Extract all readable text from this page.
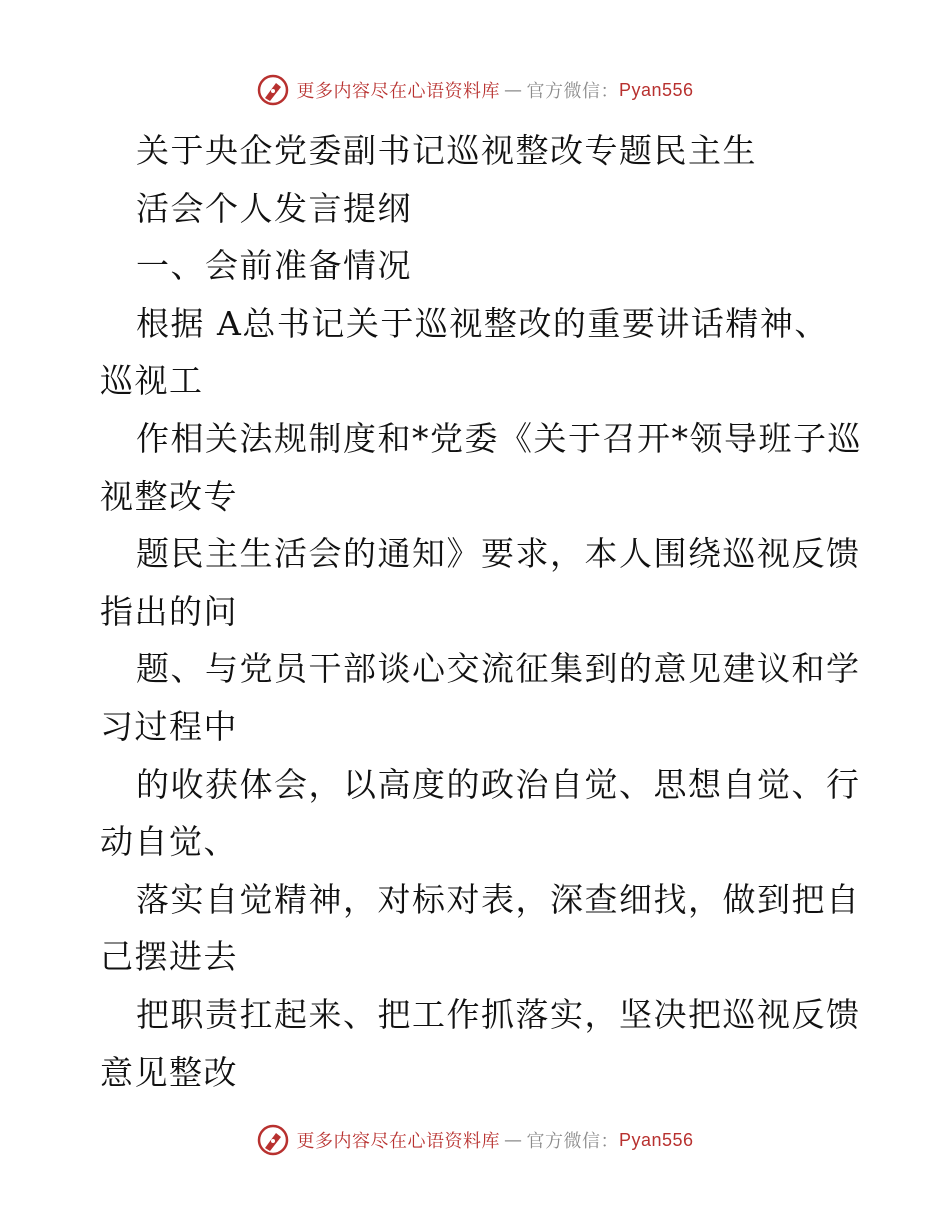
更多内容尽在心语资料库 — 官方微信： Pyan556
关于央企党委副书记巡视整改专题民主生
活会个人发言提纲
一、会前准备情况
根据 A总书记关于巡视整改的重要讲话精神、
巡视工
作相关法规制度和*党委《关于召开*领导班子巡
视整改专
题民主生活会的通知》要求，本人围绕巡视反馈
指出的问
题、与党员干部谈心交流征集到的意见建议和学
习过程中
的收获体会，以高度的政治自觉、思想自觉、行
动自觉、
落实自觉精神，对标对表，深查细找，做到把自
己摆进去
把职责扛起来、把工作抓落实，坚决把巡视反馈
意见整改
更多内容尽在心语资料库 — 官方微信： Pyan556
